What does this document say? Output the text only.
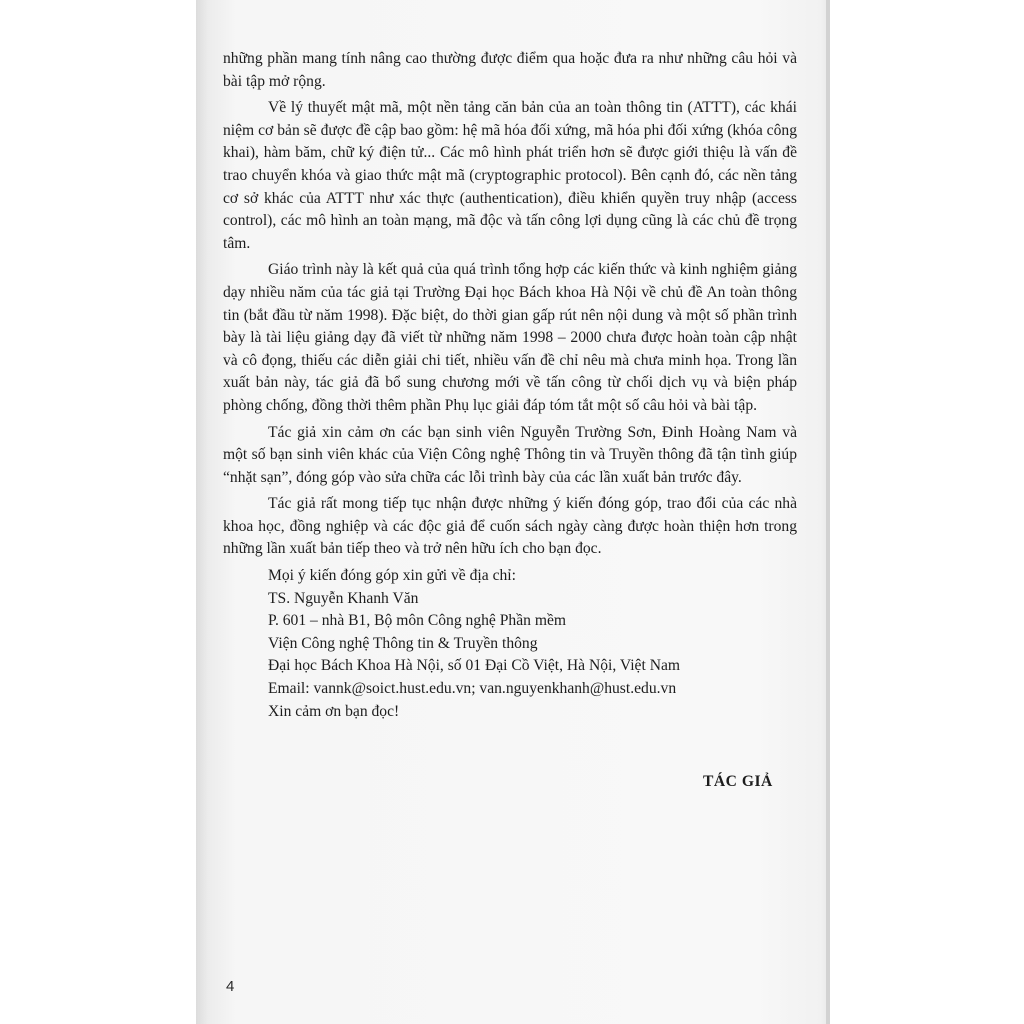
những phần mang tính nâng cao thường được điểm qua hoặc đưa ra như những câu hỏi và bài tập mở rộng.

Về lý thuyết mật mã, một nền tảng căn bản của an toàn thông tin (ATTT), các khái niệm cơ bản sẽ được đề cập bao gồm: hệ mã hóa đối xứng, mã hóa phi đối xứng (khóa công khai), hàm băm, chữ ký điện tử... Các mô hình phát triển hơn sẽ được giới thiệu là vấn đề trao chuyển khóa và giao thức mật mã (cryptographic protocol). Bên cạnh đó, các nền tảng cơ sở khác của ATTT như xác thực (authentication), điều khiển quyền truy nhập (access control), các mô hình an toàn mạng, mã độc và tấn công lợi dụng cũng là các chủ đề trọng tâm.

Giáo trình này là kết quả của quá trình tổng hợp các kiến thức và kinh nghiệm giảng dạy nhiều năm của tác giả tại Trường Đại học Bách khoa Hà Nội về chủ đề An toàn thông tin (bắt đầu từ năm 1998). Đặc biệt, do thời gian gấp rút nên nội dung và một số phần trình bày là tài liệu giảng dạy đã viết từ những năm 1998 – 2000 chưa được hoàn toàn cập nhật và cô đọng, thiếu các diễn giải chi tiết, nhiều vấn đề chỉ nêu mà chưa minh họa. Trong lần xuất bản này, tác giả đã bổ sung chương mới về tấn công từ chối dịch vụ và biện pháp phòng chống, đồng thời thêm phần Phụ lục giải đáp tóm tắt một số câu hỏi và bài tập.

Tác giả xin cảm ơn các bạn sinh viên Nguyễn Trường Sơn, Đinh Hoàng Nam và một số bạn sinh viên khác của Viện Công nghệ Thông tin và Truyền thông đã tận tình giúp “nhặt sạn”, đóng góp vào sửa chữa các lỗi trình bày của các lần xuất bản trước đây.

Tác giả rất mong tiếp tục nhận được những ý kiến đóng góp, trao đổi của các nhà khoa học, đồng nghiệp và các độc giả để cuốn sách ngày càng được hoàn thiện hơn trong những lần xuất bản tiếp theo và trở nên hữu ích cho bạn đọc.

Mọi ý kiến đóng góp xin gửi về địa chỉ:
TS. Nguyễn Khanh Văn
P. 601 – nhà B1, Bộ môn Công nghệ Phần mềm
Viện Công nghệ Thông tin & Truyền thông
Đại học Bách Khoa Hà Nội, số 01 Đại Cồ Việt, Hà Nội, Việt Nam
Email: vannk@soict.hust.edu.vn; van.nguyenkhanh@hust.edu.vn
Xin cảm ơn bạn đọc!
TÁC GIẢ
4
